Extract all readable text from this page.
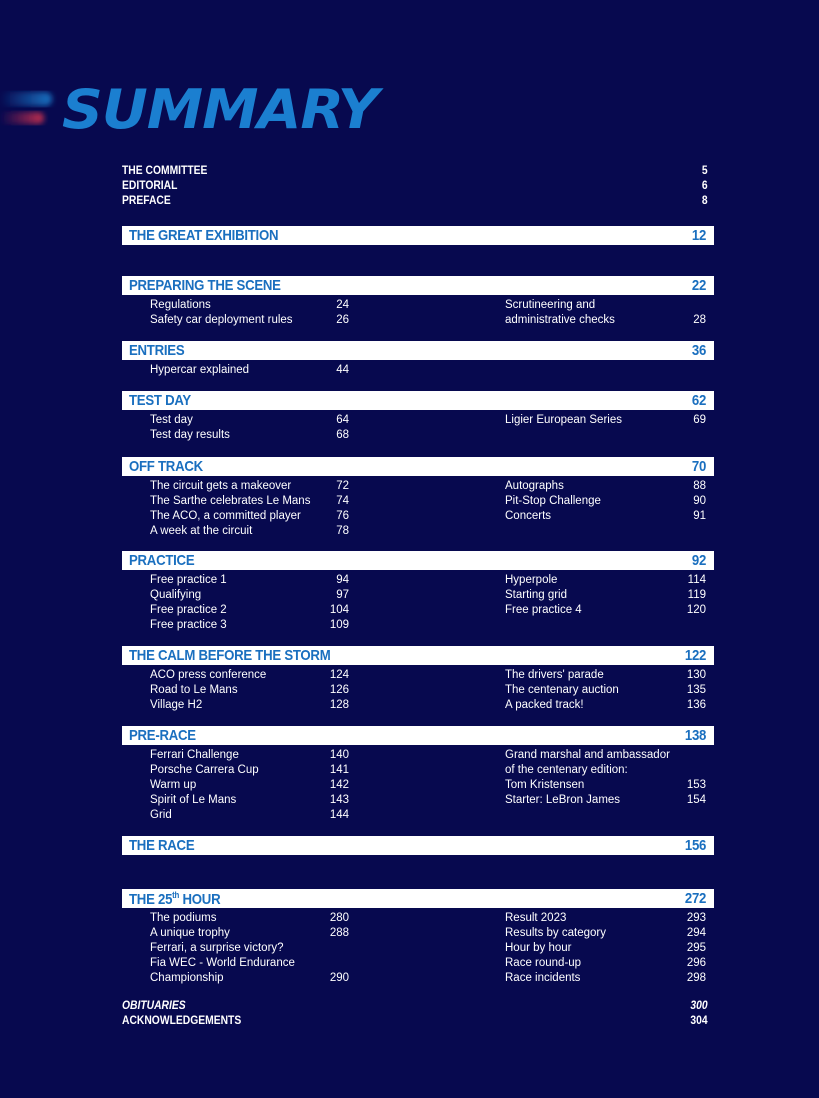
SUMMARY
THE COMMITTEE	5
EDITORIAL	6
PREFACE	8
THE GREAT EXHIBITION	12
PREPARING THE SCENE	22
Regulations	24
Safety car deployment rules	26
Scrutineering and
administrative checks	28
ENTRIES	36
Hypercar explained	44
TEST DAY	62
Test day	64
Test day results	68
Ligier European Series	69
OFF TRACK	70
The circuit gets a makeover	72
The Sarthe celebrates Le Mans 74
The ACO, a committed player	76
A week at the circuit	78
Autographs	88
Pit-Stop Challenge	90
Concerts	91
PRACTICE	92
Free practice 1	94
Qualifying	97
Free practice 2	104
Free practice 3	109
Hyperpole	114
Starting grid	119
Free practice 4	120
THE CALM BEFORE THE STORM	122
ACO press conference	124
Road to Le Mans	126
Village H2	128
The drivers' parade	130
The centenary auction	135
A packed track!	136
PRE-RACE	138
Ferrari Challenge	140
Porsche Carrera Cup	141
Warm up	142
Spirit of Le Mans	143
Grid	144
Grand marshal and ambassador
of the centenary edition:
Tom Kristensen	153
Starter: LeBron James	154
THE RACE	156
THE 25th HOUR	272
The podiums	280
A unique trophy	288
Ferrari, a surprise victory?
Fia WEC - World Endurance
Championship	290
Result 2023	293
Results by category	294
Hour by hour	295
Race round-up	296
Race incidents	298
OBITUARIES	300
ACKNOWLEDGEMENTS	304
